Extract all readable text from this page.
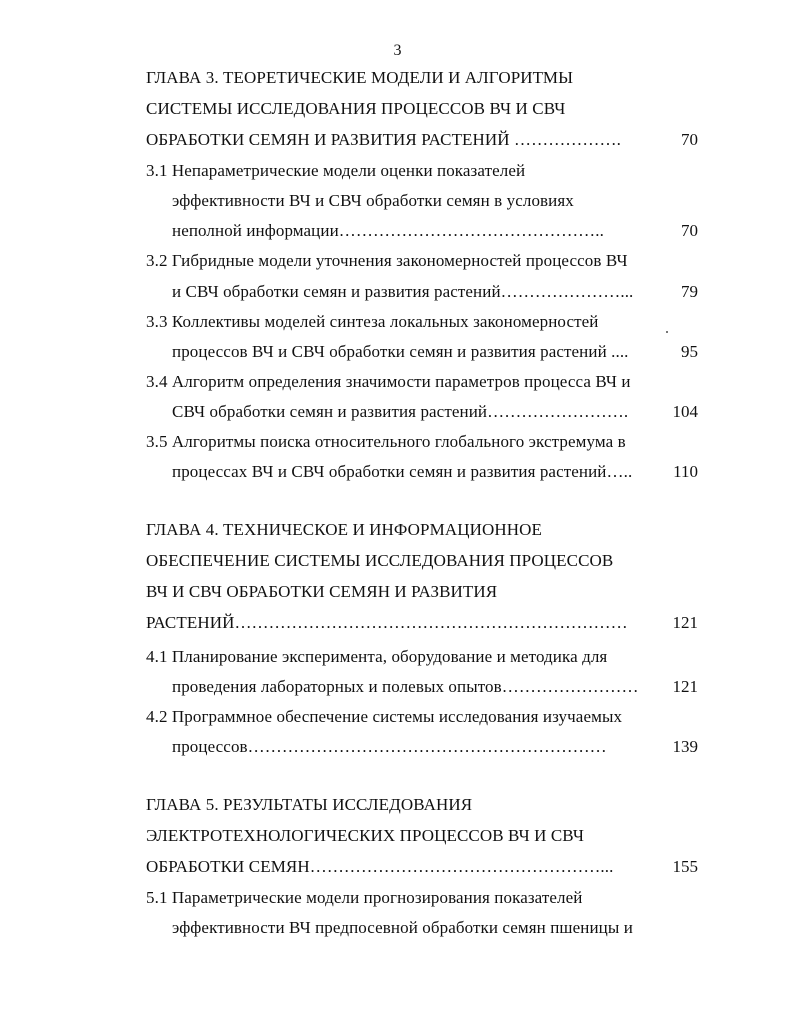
3
ГЛАВА 3. ТЕОРЕТИЧЕСКИЕ МОДЕЛИ И АЛГОРИТМЫ
СИСТЕМЫ ИССЛЕДОВАНИЯ ПРОЦЕССОВ ВЧ И СВЧ
ОБРАБОТКИ СЕМЯН И РАЗВИТИЯ РАСТЕНИЙ ……………….	70
3.1 Непараметрические модели оценки показателей
эффективности ВЧ и СВЧ обработки семян в условиях
неполной информации………………………………………..	70
3.2 Гибридные модели уточнения закономерностей процессов ВЧ
и СВЧ обработки семян и развития растений…………………...	79
3.3 Коллективы моделей синтеза локальных закономерностей
процессов ВЧ и СВЧ обработки семян и развития растений ....	95
3.4 Алгоритм определения значимости параметров процесса ВЧ и
СВЧ обработки семян и развития растений…………………….	104
3.5 Алгоритмы поиска относительного глобального экстремума в
процессах ВЧ и СВЧ обработки семян и развития растений…..	110
ГЛАВА 4. ТЕХНИЧЕСКОЕ И ИНФОРМАЦИОННОЕ
ОБЕСПЕЧЕНИЕ СИСТЕМЫ ИССЛЕДОВАНИЯ ПРОЦЕССОВ
ВЧ И СВЧ ОБРАБОТКИ СЕМЯН И РАЗВИТИЯ
РАСТЕНИЙ……………………………………………………………	121
4.1 Планирование эксперимента, оборудование и методика для
проведения лабораторных и полевых опытов……………………	121
4.2 Программное обеспечение системы исследования изучаемых
процессов………………………………………………………	139
ГЛАВА 5. РЕЗУЛЬТАТЫ ИССЛЕДОВАНИЯ
ЭЛЕКТРОТЕХНОЛОГИЧЕСКИХ ПРОЦЕССОВ ВЧ И СВЧ
ОБРАБОТКИ СЕМЯН……………………………………………...	155
5.1 Параметрические модели прогнозирования показателей
эффективности ВЧ предпосевной обработки семян пшеницы и
